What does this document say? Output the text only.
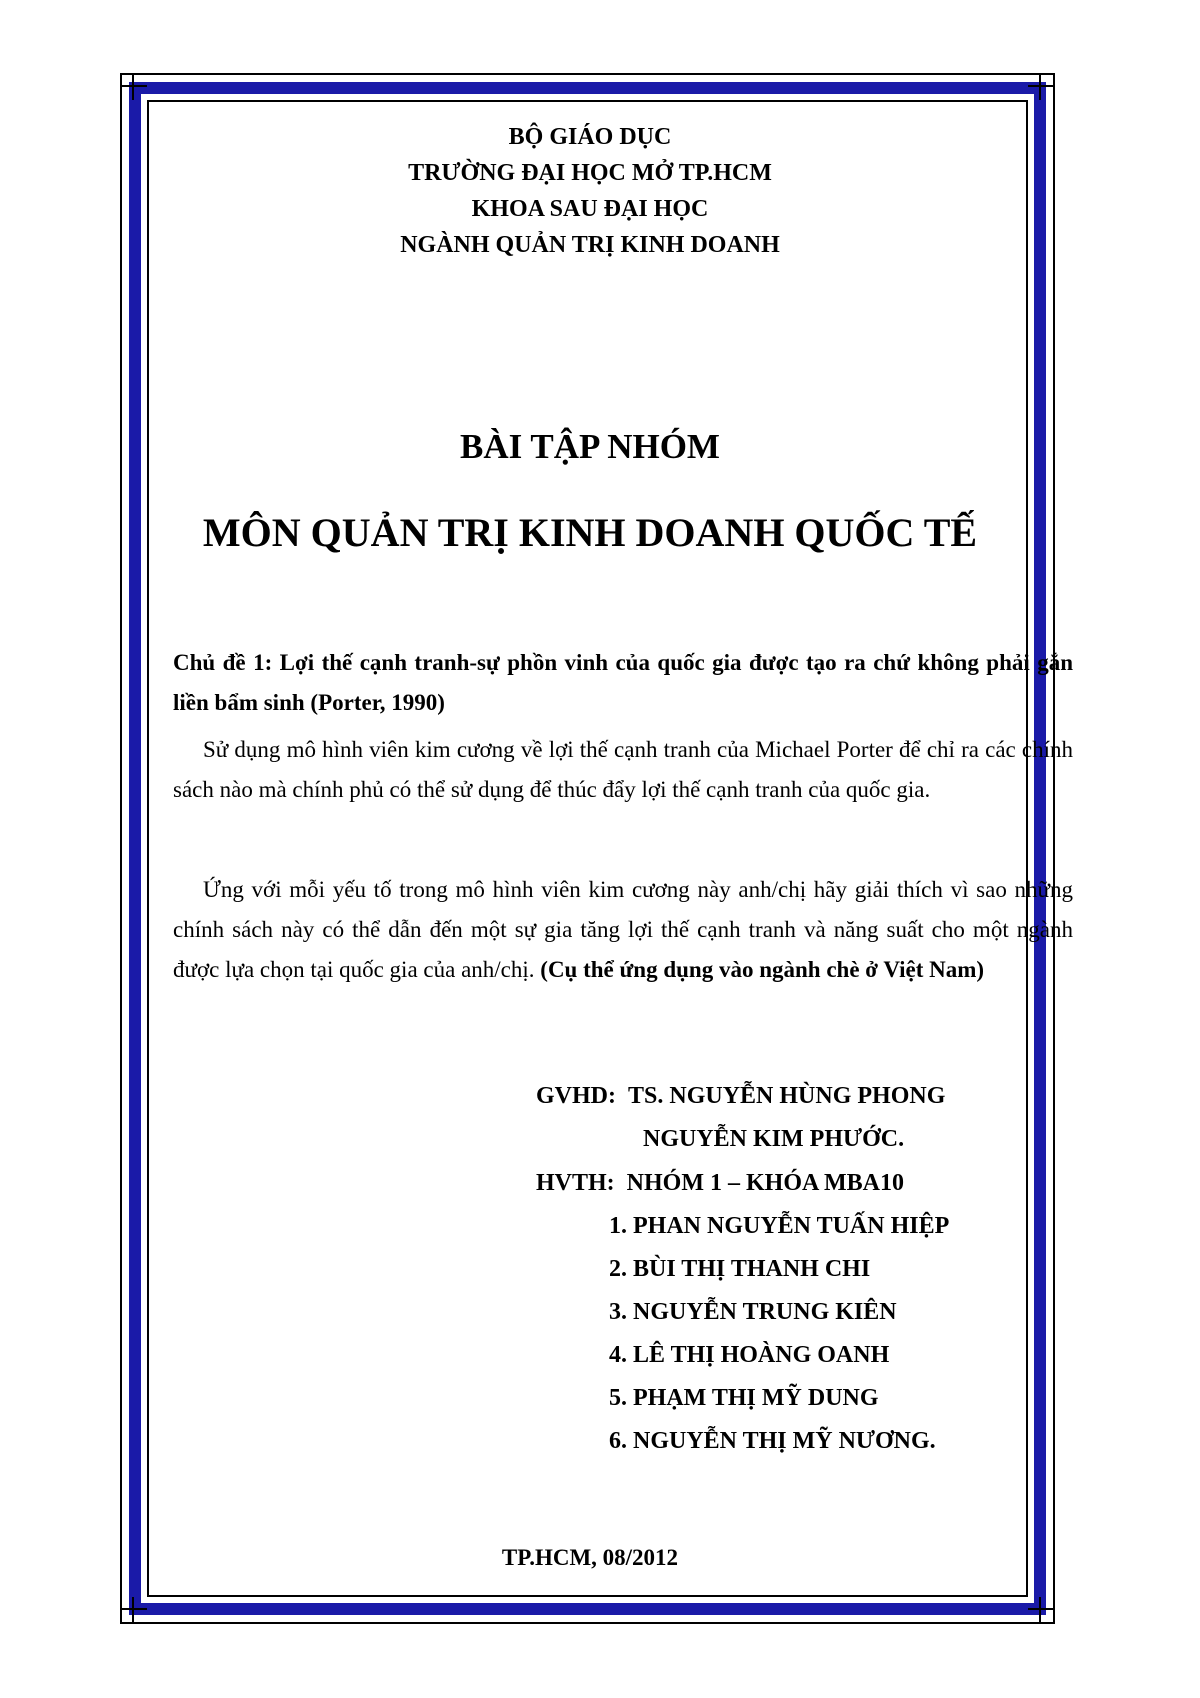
BỘ GIÁO DỤC
TRƯỜNG ĐẠI HỌC MỞ TP.HCM
KHOA SAU ĐẠI HỌC
NGÀNH QUẢN TRỊ KINH DOANH
BÀI TẬP NHÓM
MÔN QUẢN TRỊ KINH DOANH QUỐC TẾ
Chủ đề 1: Lợi thế cạnh tranh-sự phồn vinh của quốc gia được tạo ra chứ không phải gắn liền bẩm sinh (Porter, 1990)
Sử dụng mô hình viên kim cương về lợi thế cạnh tranh của Michael Porter để chỉ ra các chính sách nào mà chính phủ có thể sử dụng để thúc đẩy lợi thế cạnh tranh của quốc gia.
Ứng với mỗi yếu tố trong mô hình viên kim cương này anh/chị hãy giải thích vì sao những chính sách này có thể dẫn đến một sự gia tăng lợi thế cạnh tranh và năng suất cho một ngành được lựa chọn tại quốc gia của anh/chị. (Cụ thể ứng dụng vào ngành chè ở Việt Nam)
GVHD: TS. NGUYỄN HÙNG PHONG
NGUYỄN KIM PHƯỚC.
HVTH: NHÓM 1 – KHÓA MBA10
1. PHAN NGUYỄN TUẤN HIỆP
2. BÙI THỊ THANH CHI
3. NGUYỄN TRUNG KIÊN
4. LÊ THỊ HOÀNG OANH
5. PHẠM THỊ MỸ DUNG
6. NGUYỄN THỊ MỸ NƯƠNG.
TP.HCM, 08/2012
